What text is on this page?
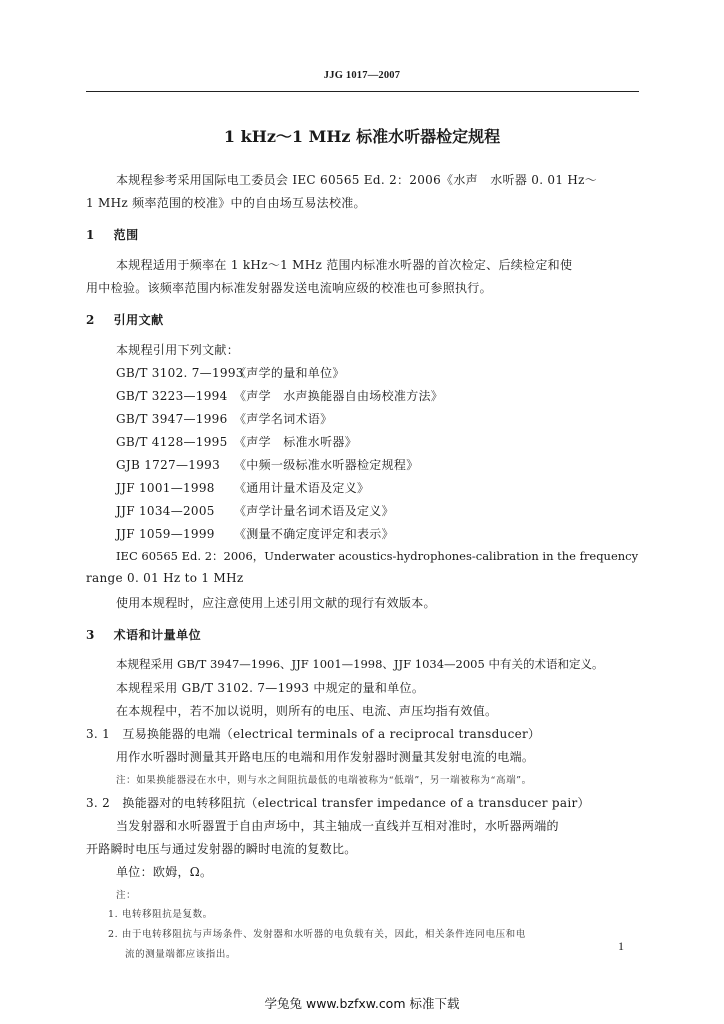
JJG 1017—2007
1 kHz～1 MHz 标准水听器检定规程
本规程参考采用国际电工委员会 IEC 60565 Ed. 2：2006《水声　水听器 0. 01 Hz～
1 MHz 频率范围的校准》中的自由场互易法校准。
1 范围
本规程适用于频率在 1 kHz～1 MHz 范围内标准水听器的首次检定、后续检定和使
用中检验。该频率范围内标准发射器发送电流响应级的校准也可参照执行。
2 引用文献
本规程引用下列文献：
GB/T 3102. 7—1993《声学的量和单位》
GB/T 3223—1994 《声学　水声换能器自由场校准方法》
GB/T 3947—1996 《声学名词术语》
GB/T 4128—1995 《声学　标准水听器》
GJB 1727—1993 《中频一级标准水听器检定规程》
JJF 1001—1998 《通用计量术语及定义》
JJF 1034—2005 《声学计量名词术语及定义》
JJF 1059—1999 《测量不确定度评定和表示》
IEC 60565 Ed. 2：2006，Underwater acoustics-hydrophones-calibration in the frequency
range 0. 01 Hz to 1 MHz
使用本规程时，应注意使用上述引用文献的现行有效版本。
3 术语和计量单位
本规程采用 GB/T 3947—1996、JJF 1001—1998、JJF 1034—2005 中有关的术语和定义。
本规程采用 GB/T 3102. 7—1993 中规定的量和单位。
在本规程中，若不加以说明，则所有的电压、电流、声压均指有效值。
3. 1　互易换能器的电端（electrical terminals of a reciprocal transducer）
用作水听器时测量其开路电压的电端和用作发射器时测量其发射电流的电端。
注：如果换能器浸在水中，则与水之间阻抗最低的电端被称为“低端”，另一端被称为“高端”。
3. 2　换能器对的电转移阻抗（electrical transfer impedance of a transducer pair）
当发射器和水听器置于自由声场中，其主轴成一直线并互相对准时，水听器两端的
开路瞬时电压与通过发射器的瞬时电流的复数比。
单位：欧姆，Ω。
注：
1. 电转移阻抗是复数。
2. 由于电转移阻抗与声场条件、发射器和水听器的电负载有关，因此，相关条件连同电压和电
流的测量端都应该指出。
1
学兔兔 www.bzfxw.com 标准下载
